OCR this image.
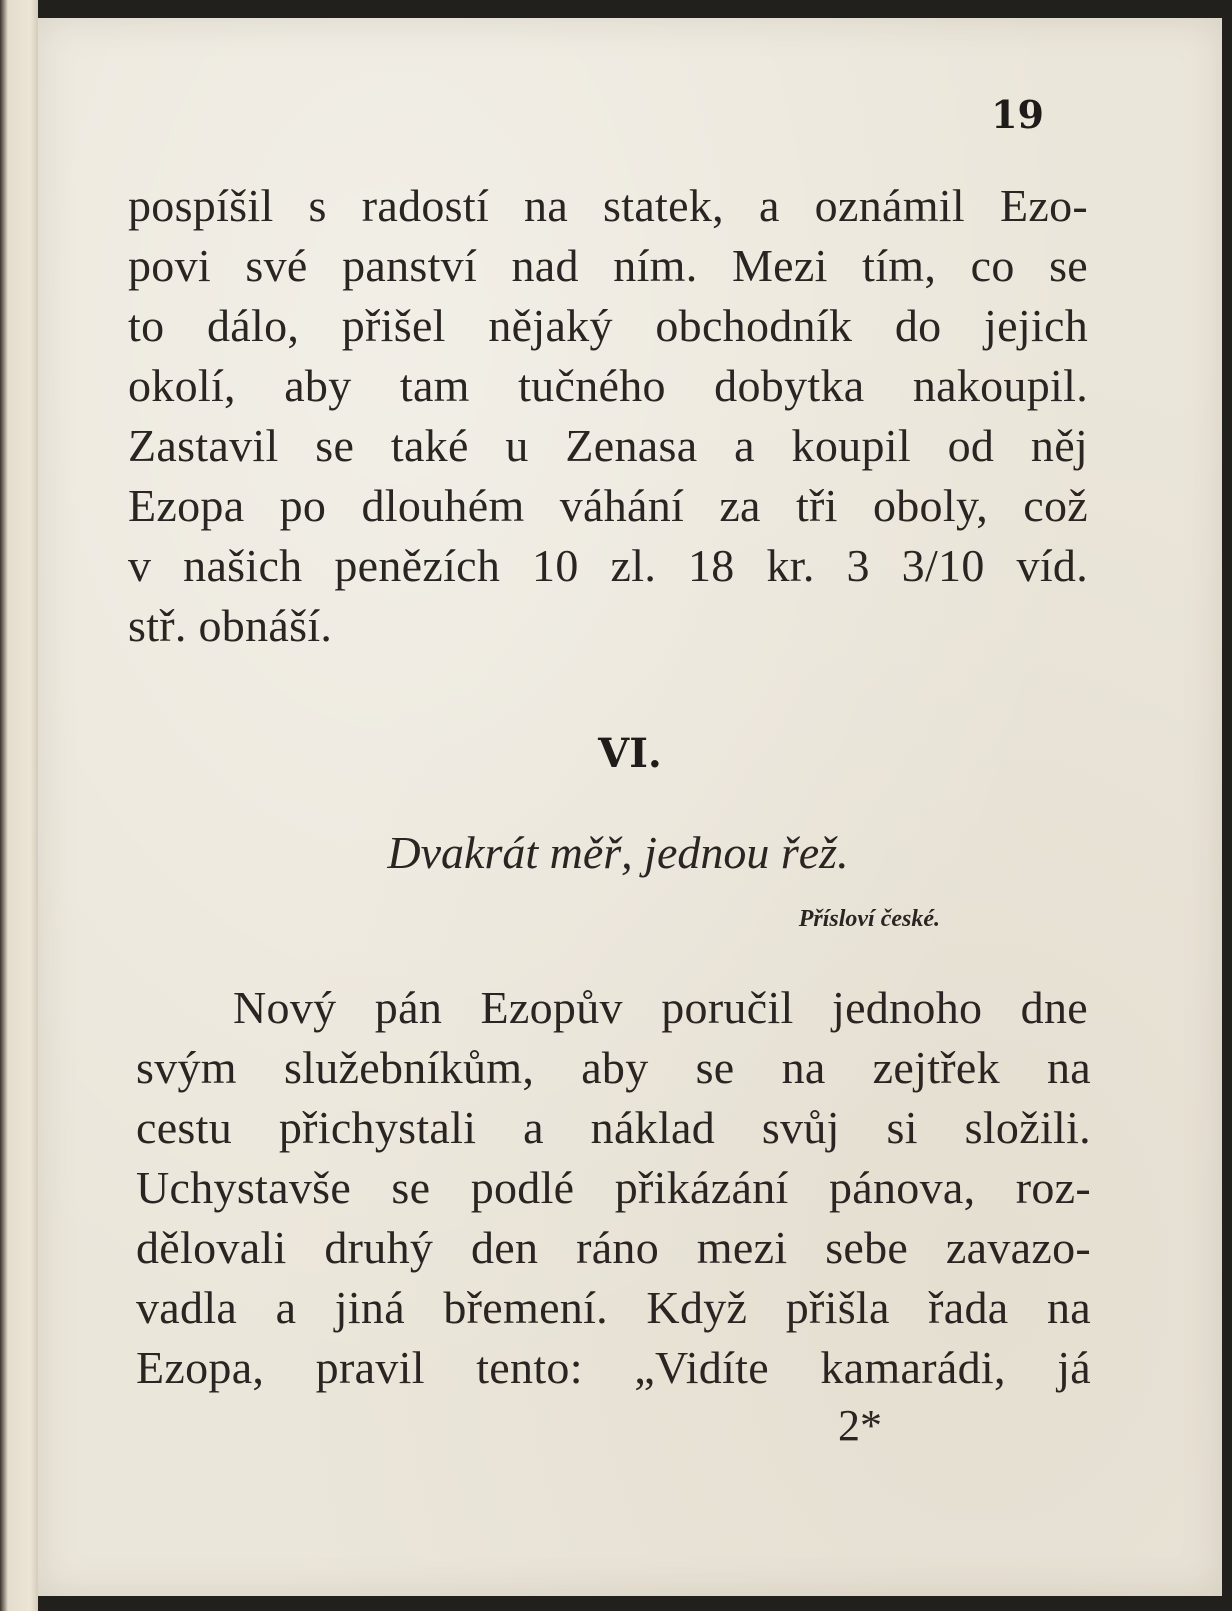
19
pospíšil s radostí na statek, a oznámil Ezo-
povi své panství nad ním. Mezi tím, co se
to dálo, přišel nějaký obchodník do jejich
okolí, aby tam tučného dobytka nakoupil.
Zastavil se také u Zenasa a koupil od něj
Ezopa po dlouhém váhání za tři oboly, což
v našich penězích 10 zl. 18 kr. 3 3/10 víd.
stř. obnáší.
VI.
Dvakrát měř, jednou řež.
Přísloví české.
Nový pán Ezopův poručil jednoho dne
svým služebníkům, aby se na zejtřek na
cestu přichystali a náklad svůj si složili.
Uchystavše se podlé přikázání pánova, roz-
dělovali druhý den ráno mezi sebe zavazo-
vadla a jiná břemení. Když přišla řada na
Ezopa, pravil tento: „Vidíte kamarádi, já
2*
